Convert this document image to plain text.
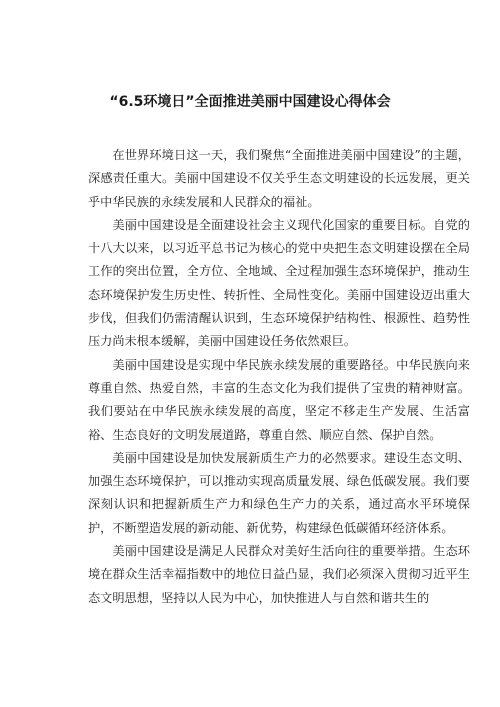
“6.5环境日”全面推进美丽中国建设心得体会

在世界环境日这一天，我们聚焦“全面推进美丽中国建设”的主题，深感责任重大。美丽中国建设不仅关乎生态文明建设的长远发展，更关乎中华民族的永续发展和人民群众的福祉。

美丽中国建设是全面建设社会主义现代化国家的重要目标。自党的十八大以来，以习近平总书记为核心的党中央把生态文明建设摆在全局工作的突出位置，全方位、全地域、全过程加强生态环境保护，推动生态环境保护发生历史性、转折性、全局性变化。美丽中国建设迈出重大步伐，但我们仍需清醒认识到，生态环境保护结构性、根源性、趋势性压力尚未根本缓解，美丽中国建设任务依然艰巨。

美丽中国建设是实现中华民族永续发展的重要路径。中华民族向来尊重自然、热爱自然，丰富的生态文化为我们提供了宝贵的精神财富。我们要站在中华民族永续发展的高度，坚定不移走生产发展、生活富裕、生态良好的文明发展道路，尊重自然、顺应自然、保护自然。

美丽中国建设是加快发展新质生产力的必然要求。建设生态文明、加强生态环境保护，可以推动实现高质量发展、绿色低碳发展。我们要深刻认识和把握新质生产力和绿色生产力的关系，通过高水平环境保护，不断塑造发展的新动能、新优势，构建绿色低碳循环经济体系。

美丽中国建设是满足人民群众对美好生活向往的重要举措。生态环境在群众生活幸福指数中的地位日益凸显，我们必须深入贯彻习近平生态文明思想，坚持以人民为中心，加快推进人与自然和谐共生的
